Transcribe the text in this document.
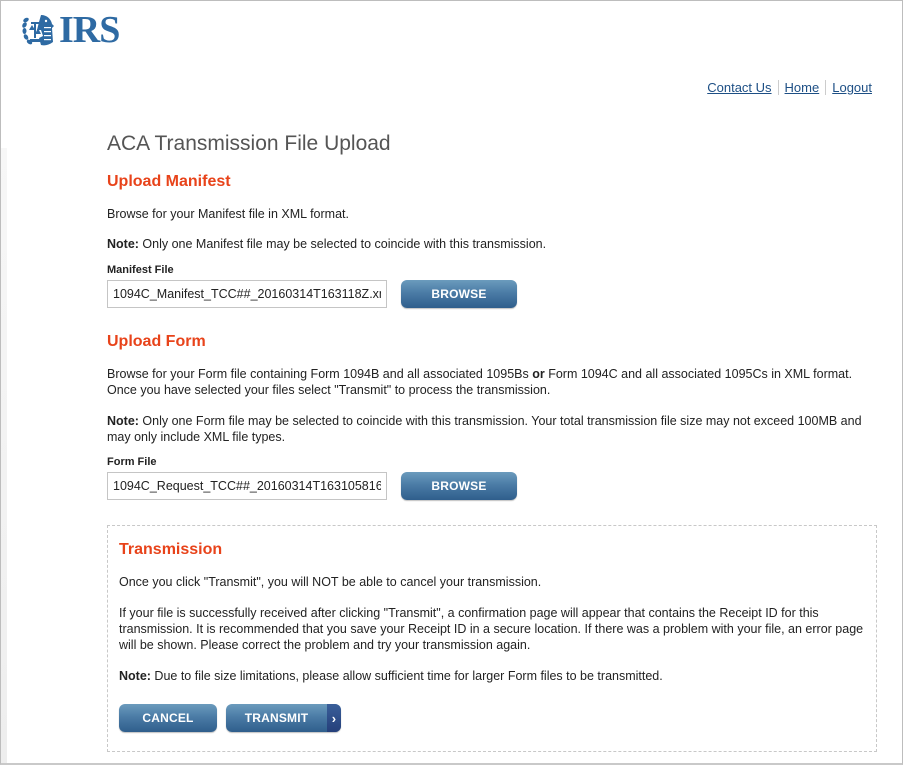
IRS
Contact Us Home Logout
ACA Transmission File Upload
Upload Manifest

Browse for your Manifest file in XML format.

Note: Only one Manifest file may be selected to coincide with this transmission.

Manifest File
1094C_Manifest_TCC##_20160314T163118Z.xml
BROWSE
Upload Form

Browse for your Form file containing Form 1094B and all associated 1095Bs or Form 1094C and all associated 1095Cs in XML format. Once you have selected your files select "Transmit" to process the transmission.

Note: Only one Form file may be selected to coincide with this transmission. Your total transmission file size may not exceed 100MB and may only include XML file types.

Form File
1094C_Request_TCC##_20160314T163105816Z.xml
BROWSE
Transmission

Once you click "Transmit", you will NOT be able to cancel your transmission.

If your file is successfully received after clicking "Transmit", a confirmation page will appear that contains the Receipt ID for this transmission. It is recommended that you save your Receipt ID in a secure location. If there was a problem with your file, an error page will be shown. Please correct the problem and try your transmission again.

Note: Due to file size limitations, please allow sufficient time for larger Form files to be transmitted.

CANCEL	TRANSMIT	›
